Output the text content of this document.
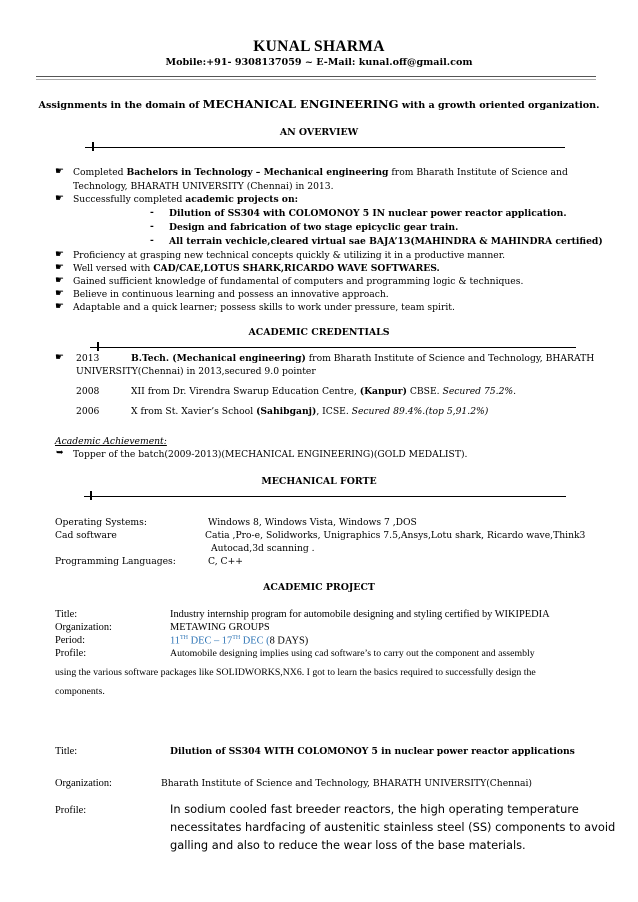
KUNAL SHARMA
Mobile:+91- 9308137059 ~ E-Mail: kunal.off@gmail.com
Assignments in the domain of MECHANICAL ENGINEERING with a growth oriented organization.
AN OVERVIEW
☛ Completed Bachelors in Technology – Mechanical engineering from Bharath Institute of Science and
Technology, BHARATH UNIVERSITY (Chennai) in 2013.
☛ Successfully completed academic projects on:
- Dilution of SS304 with COLOMONOY 5 IN nuclear power reactor application.
- Design and fabrication of two stage epicyclic gear train.
- All terrain vechicle,cleared virtual sae BAJA’13(MAHINDRA & MAHINDRA certified)
☛ Proficiency at grasping new technical concepts quickly & utilizing it in a productive manner.
☛ Well versed with CAD/CAE,LOTUS SHARK,RICARDO WAVE SOFTWARES.
☛ Gained sufficient knowledge of fundamental of computers and programming logic & techniques.
☛ Believe in continuous learning and possess an innovative approach.
☛ Adaptable and a quick learner; possess skills to work under pressure, team spirit.
ACADEMIC CREDENTIALS
☛ 2013	B.Tech. (Mechanical engineering) from Bharath Institute of Science and Technology, BHARATH
UNIVERSITY(Chennai) in 2013,secured 9.0 pointer
2008	XII from Dr. Virendra Swarup Education Centre, (Kanpur) CBSE. Secured 75.2%.
2006	X from St. Xavier’s School (Sahibganj), ICSE. Secured 89.4%.(top 5,91.2%)
Academic Achievement:
➥ Topper of the batch(2009-2013)(MECHANICAL ENGINEERING)(GOLD MEDALIST).
MECHANICAL FORTE
Operating Systems:	Windows 8, Windows Vista, Windows 7 ,DOS
Cad software	Catia ,Pro-e, Solidworks, Unigraphics 7.5,Ansys,Lotu shark, Ricardo wave,Think3
Autocad,3d scanning .
Programming Languages:	C, C++
ACADEMIC PROJECT
Title:	Industry internship program for automobile designing and styling certified by WIKIPEDIA
Organization:	METAWING GROUPS
Period:	11TH DEC – 17TH DEC (8 DAYS)
Profile:	Automobile designing implies using cad software’s to carry out the component and assembly
using the various software packages like SOLIDWORKS,NX6. I got to learn the basics required to successfully design the
components.
Title:	Dilution of SS304 WITH COLOMONOY 5 in nuclear power reactor applications
Organization:	Bharath Institute of Science and Technology, BHARATH UNIVERSITY(Chennai)
Profile:	In sodium cooled fast breeder reactors, the high operating temperature
necessitates hardfacing of austenitic stainless steel (SS) components to avoid
galling and also to reduce the wear loss of the base materials.
